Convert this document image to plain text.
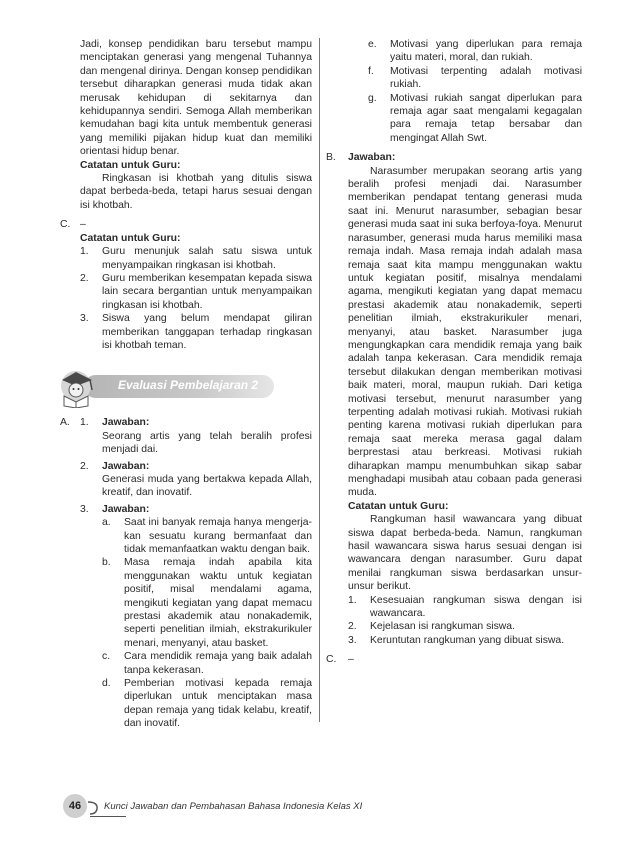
Jadi, konsep pendidikan baru tersebut mampu menciptakan generasi yang mengenal Tuhannya dan mengenal dirinya. Dengan konsep pendidikan tersebut diharapkan generasi muda tidak akan merusak kehidupan di sekitarnya dan kehidupannya sendiri. Semoga Allah memberikan kemudahan bagi kita untuk membentuk generasi yang memiliki pijakan hidup kuat dan memiliki orientasi hidup benar.

Catatan untuk Guru:

Ringkasan isi khotbah yang ditulis siswa dapat berbeda-beda, tetapi harus sesuai dengan isi khotbah.

C. –

Catatan untuk Guru:

1.	Guru menunjuk salah satu siswa untuk menyampaikan ringkasan isi khotbah.

2.	Guru memberikan kesempatan kepada siswa lain secara bergantian untuk menyampaikan ringkasan isi khotbah.

3.	Siswa yang belum mendapat giliran memberikan tanggapan terhadap ringkasan isi khotbah teman.

Evaluasi Pembelajaran 2
A. 1.	Jawaban:

Seorang artis yang telah beralih profesi menjadi dai.

2.	Jawaban:

Generasi muda yang bertakwa kepada Allah, kreatif, dan inovatif.

3.	Jawaban:

a.	Saat ini banyak remaja hanya mengerja-kan sesuatu kurang bermanfaat dan tidak memanfaatkan waktu dengan baik.

b.	Masa remaja indah apabila kita menggunakan waktu untuk kegiatan positif, misal mendalami agama, mengikuti kegiatan yang dapat memacu prestasi akademik atau nonakademik, seperti penelitian ilmiah, ekstrakurikuler menari, menyanyi, atau basket.

c.	Cara mendidik remaja yang baik adalah tanpa kekerasan.

d.	Pemberian motivasi kepada remaja diperlukan untuk menciptakan masa depan remaja yang tidak kelabu, kreatif, dan inovatif.

e.	Motivasi yang diperlukan para remaja yaitu materi, moral, dan rukiah.

f.	Motivasi terpenting adalah motivasi rukiah.

g.	Motivasi rukiah sangat diperlukan para remaja agar saat mengalami kegagalan para remaja tetap bersabar dan mengingat Allah Swt.

B.	Jawaban:

Narasumber merupakan seorang artis yang beralih profesi menjadi dai. Narasumber memberikan pendapat tentang generasi muda saat ini. Menurut narasumber, sebagian besar generasi muda saat ini suka berfoya-foya. Menurut narasumber, generasi muda harus memiliki masa remaja indah. Masa remaja indah adalah masa remaja saat kita mampu menggunakan waktu untuk kegiatan positif, misalnya mendalami agama, mengikuti kegiatan yang dapat memacu prestasi akademik atau nonakademik, seperti penelitian ilmiah, ekstrakurikuler menari, menyanyi, atau basket. Narasumber juga mengungkapkan cara mendidik remaja yang baik adalah tanpa kekerasan. Cara mendidik remaja tersebut dilakukan dengan memberikan motivasi baik materi, moral, maupun rukiah. Dari ketiga motivasi tersebut, menurut narasumber yang terpenting adalah motivasi rukiah. Motivasi rukiah penting karena motivasi rukiah diperlukan para remaja saat mereka merasa gagal dalam berprestasi atau berkreasi. Motivasi rukiah diharapkan mampu menumbuhkan sikap sabar menghadapi musibah atau cobaan pada generasi muda.

Catatan untuk Guru:

Rangkuman hasil wawancara yang dibuat siswa dapat berbeda-beda. Namun, rangkuman hasil wawancara siswa harus sesuai dengan isi wawancara dengan narasumber. Guru dapat menilai rangkuman siswa berdasarkan unsur-unsur berikut.

1.	Kesesuaian rangkuman siswa dengan isi wawancara.

2.	Kejelasan isi rangkuman siswa.

3.	Keruntutan rangkuman yang dibuat siswa.

C.	–

46	Kunci Jawaban dan Pembahasan Bahasa Indonesia Kelas XI
